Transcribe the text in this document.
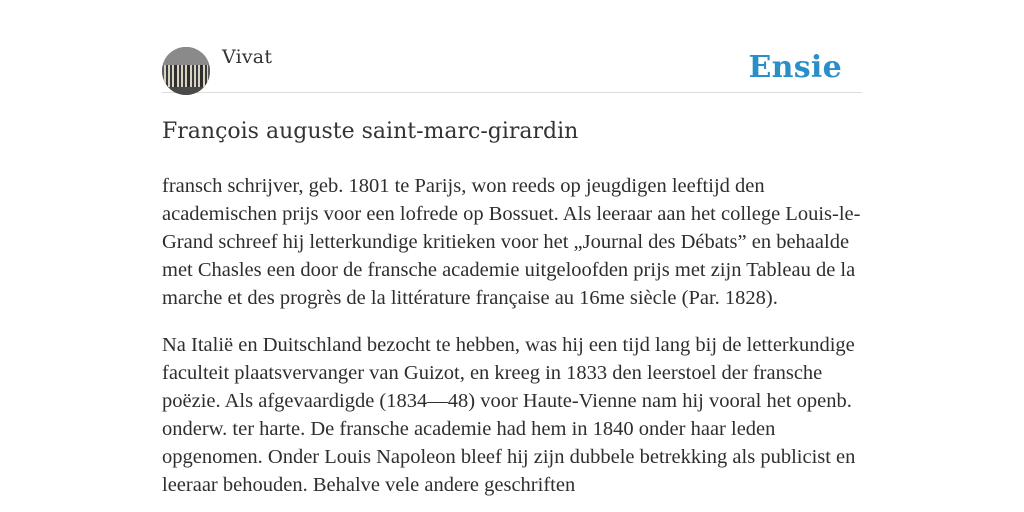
Vivat	Ensie
François auguste saint-marc-girardin

fransch schrijver, geb. 1801 te Parijs, won reeds op jeugdigen leeftijd den academischen prijs voor een lofrede op Bossuet. Als leeraar aan het college Louis-le-Grand schreef hij letterkundige kritieken voor het „Journal des Débats” en behaalde met Chasles een door de fransche academie uitgeloofden prijs met zijn Tableau de la marche et des progrès de la littérature française au 16me siècle (Par. 1828).

Na Italië en Duitschland bezocht te hebben, was hij een tijd lang bij de letterkundige faculteit plaatsvervanger van Guizot, en kreeg in 1833 den leerstoel der fransche poëzie. Als afgevaardigde (1834—48) voor Haute-Vienne nam hij vooral het openb. onderw. ter harte. De fransche academie had hem in 1840 onder haar leden opgenomen. Onder Louis Napoleon bleef hij zijn dubbele betrekking als publicist en leeraar behouden. Behalve vele andere geschriften
